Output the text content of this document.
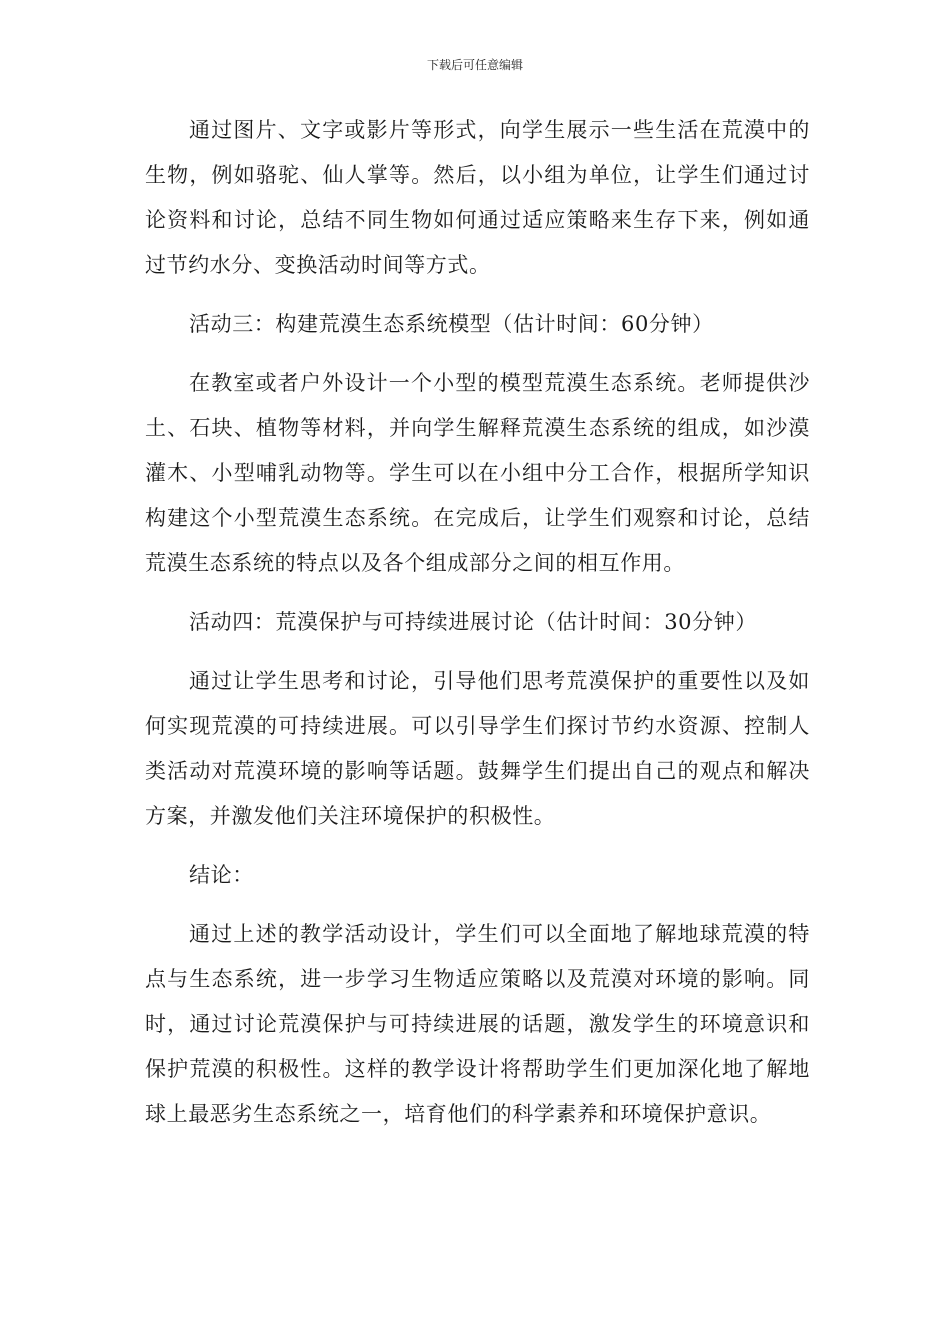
下载后可任意编辑

通过图片、文字或影片等形式，向学生展示一些生活在荒漠中的生物，例如骆驼、仙人掌等。然后，以小组为单位，让学生们通过讨论资料和讨论，总结不同生物如何通过适应策略来生存下来，例如通过节约水分、变换活动时间等方式。

活动三：构建荒漠生态系统模型（估计时间：60分钟）

在教室或者户外设计一个小型的模型荒漠生态系统。老师提供沙土、石块、植物等材料，并向学生解释荒漠生态系统的组成，如沙漠灌木、小型哺乳动物等。学生可以在小组中分工合作，根据所学知识构建这个小型荒漠生态系统。在完成后，让学生们观察和讨论，总结荒漠生态系统的特点以及各个组成部分之间的相互作用。

活动四：荒漠保护与可持续进展讨论（估计时间：30分钟）

通过让学生思考和讨论，引导他们思考荒漠保护的重要性以及如何实现荒漠的可持续进展。可以引导学生们探讨节约水资源、控制人类活动对荒漠环境的影响等话题。鼓舞学生们提出自己的观点和解决方案，并激发他们关注环境保护的积极性。

结论：

通过上述的教学活动设计，学生们可以全面地了解地球荒漠的特点与生态系统，进一步学习生物适应策略以及荒漠对环境的影响。同时，通过讨论荒漠保护与可持续进展的话题，激发学生的环境意识和保护荒漠的积极性。这样的教学设计将帮助学生们更加深化地了解地球上最恶劣生态系统之一，培育他们的科学素养和环境保护意识。
